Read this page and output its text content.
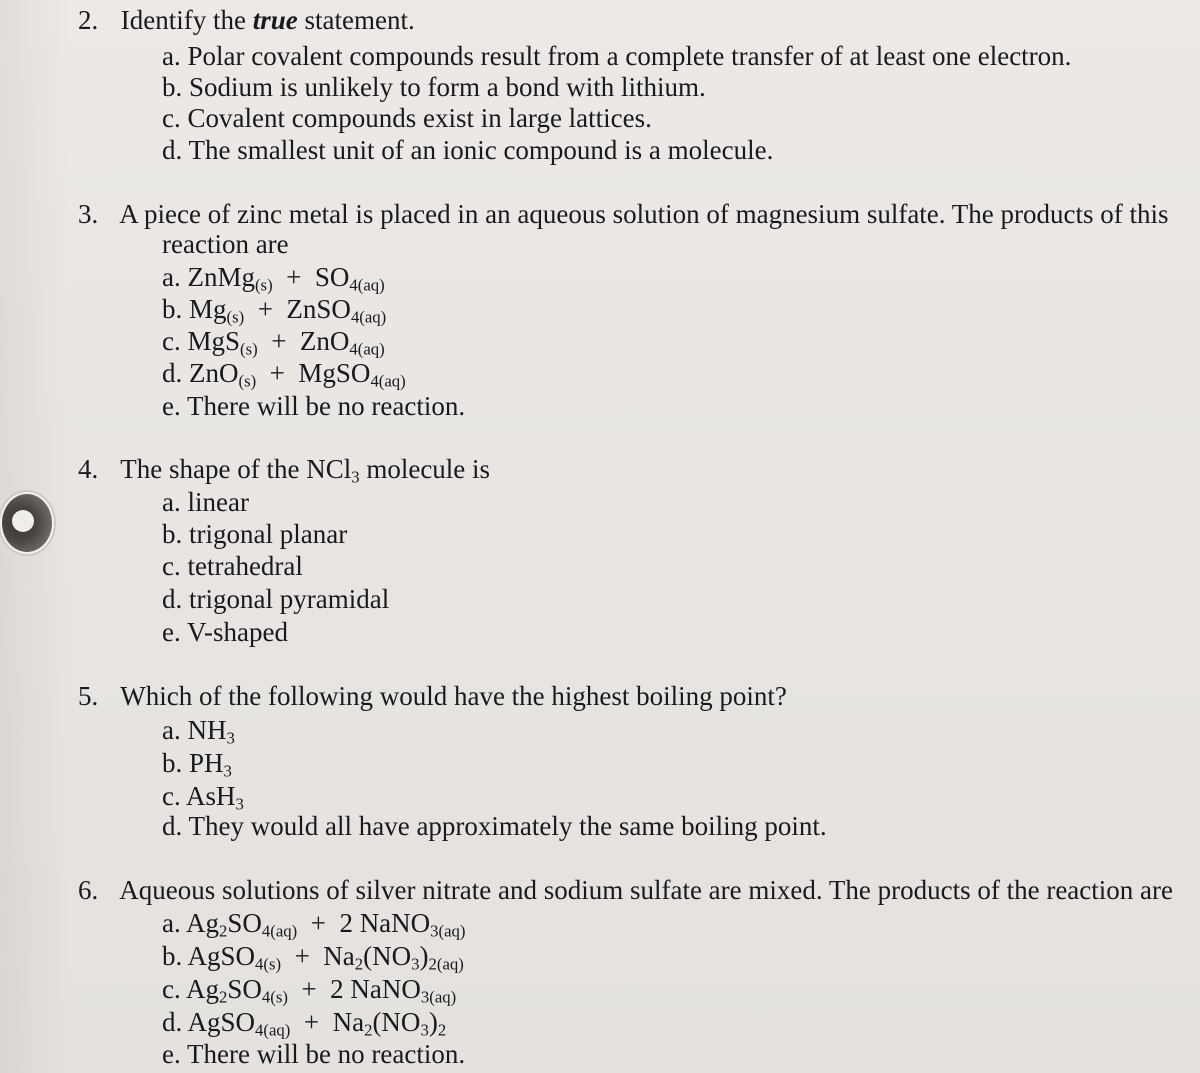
2. Identify the true statement.
a. Polar covalent compounds result from a complete transfer of at least one electron.
b. Sodium is unlikely to form a bond with lithium.
c. Covalent compounds exist in large lattices.
d. The smallest unit of an ionic compound is a molecule.
3. A piece of zinc metal is placed in an aqueous solution of magnesium sulfate. The products of this
reaction are
a. ZnMg$_{(s)}$ + $SO_{4(aq)}$
b. $Mg_{(s)}$ + ZnSO$_{4(aq)}$
c. MgS$_{(s)}$ + ZnO$_{4(aq)}$
d. ZnO$_{(s)}$ + MgSO$_{4(aq)}$
e. There will be no reaction.
4. The shape of the NCl$_3$ molecule is
a. linear
b. trigonal planar
c. tetrahedral
d. trigonal pyramidal
e. V-shaped
5. Which of the following would have the highest boiling point?
a. $NH_3$
b. $PH_3$
c. AsH$_3$
d. They would all have approximately the same boiling point.
6. Aqueous solutions of silver nitrate and sodium sulfate are mixed. The products of the reaction are
a. $Ag_2SO_{4(aq)} + 2$ NaNO$_{3(aq)}$
b. AgSO$_{4(s)}$ + $Na_2(NO_3)_{2(aq)}$
c. $Ag_2SO_{4(s)} + 2$ NaNO$_{3(aq)}$
d. AgSO$_{4(aq)}$ + $Na_2(NO_3)_2$
e. There will be no reaction.
